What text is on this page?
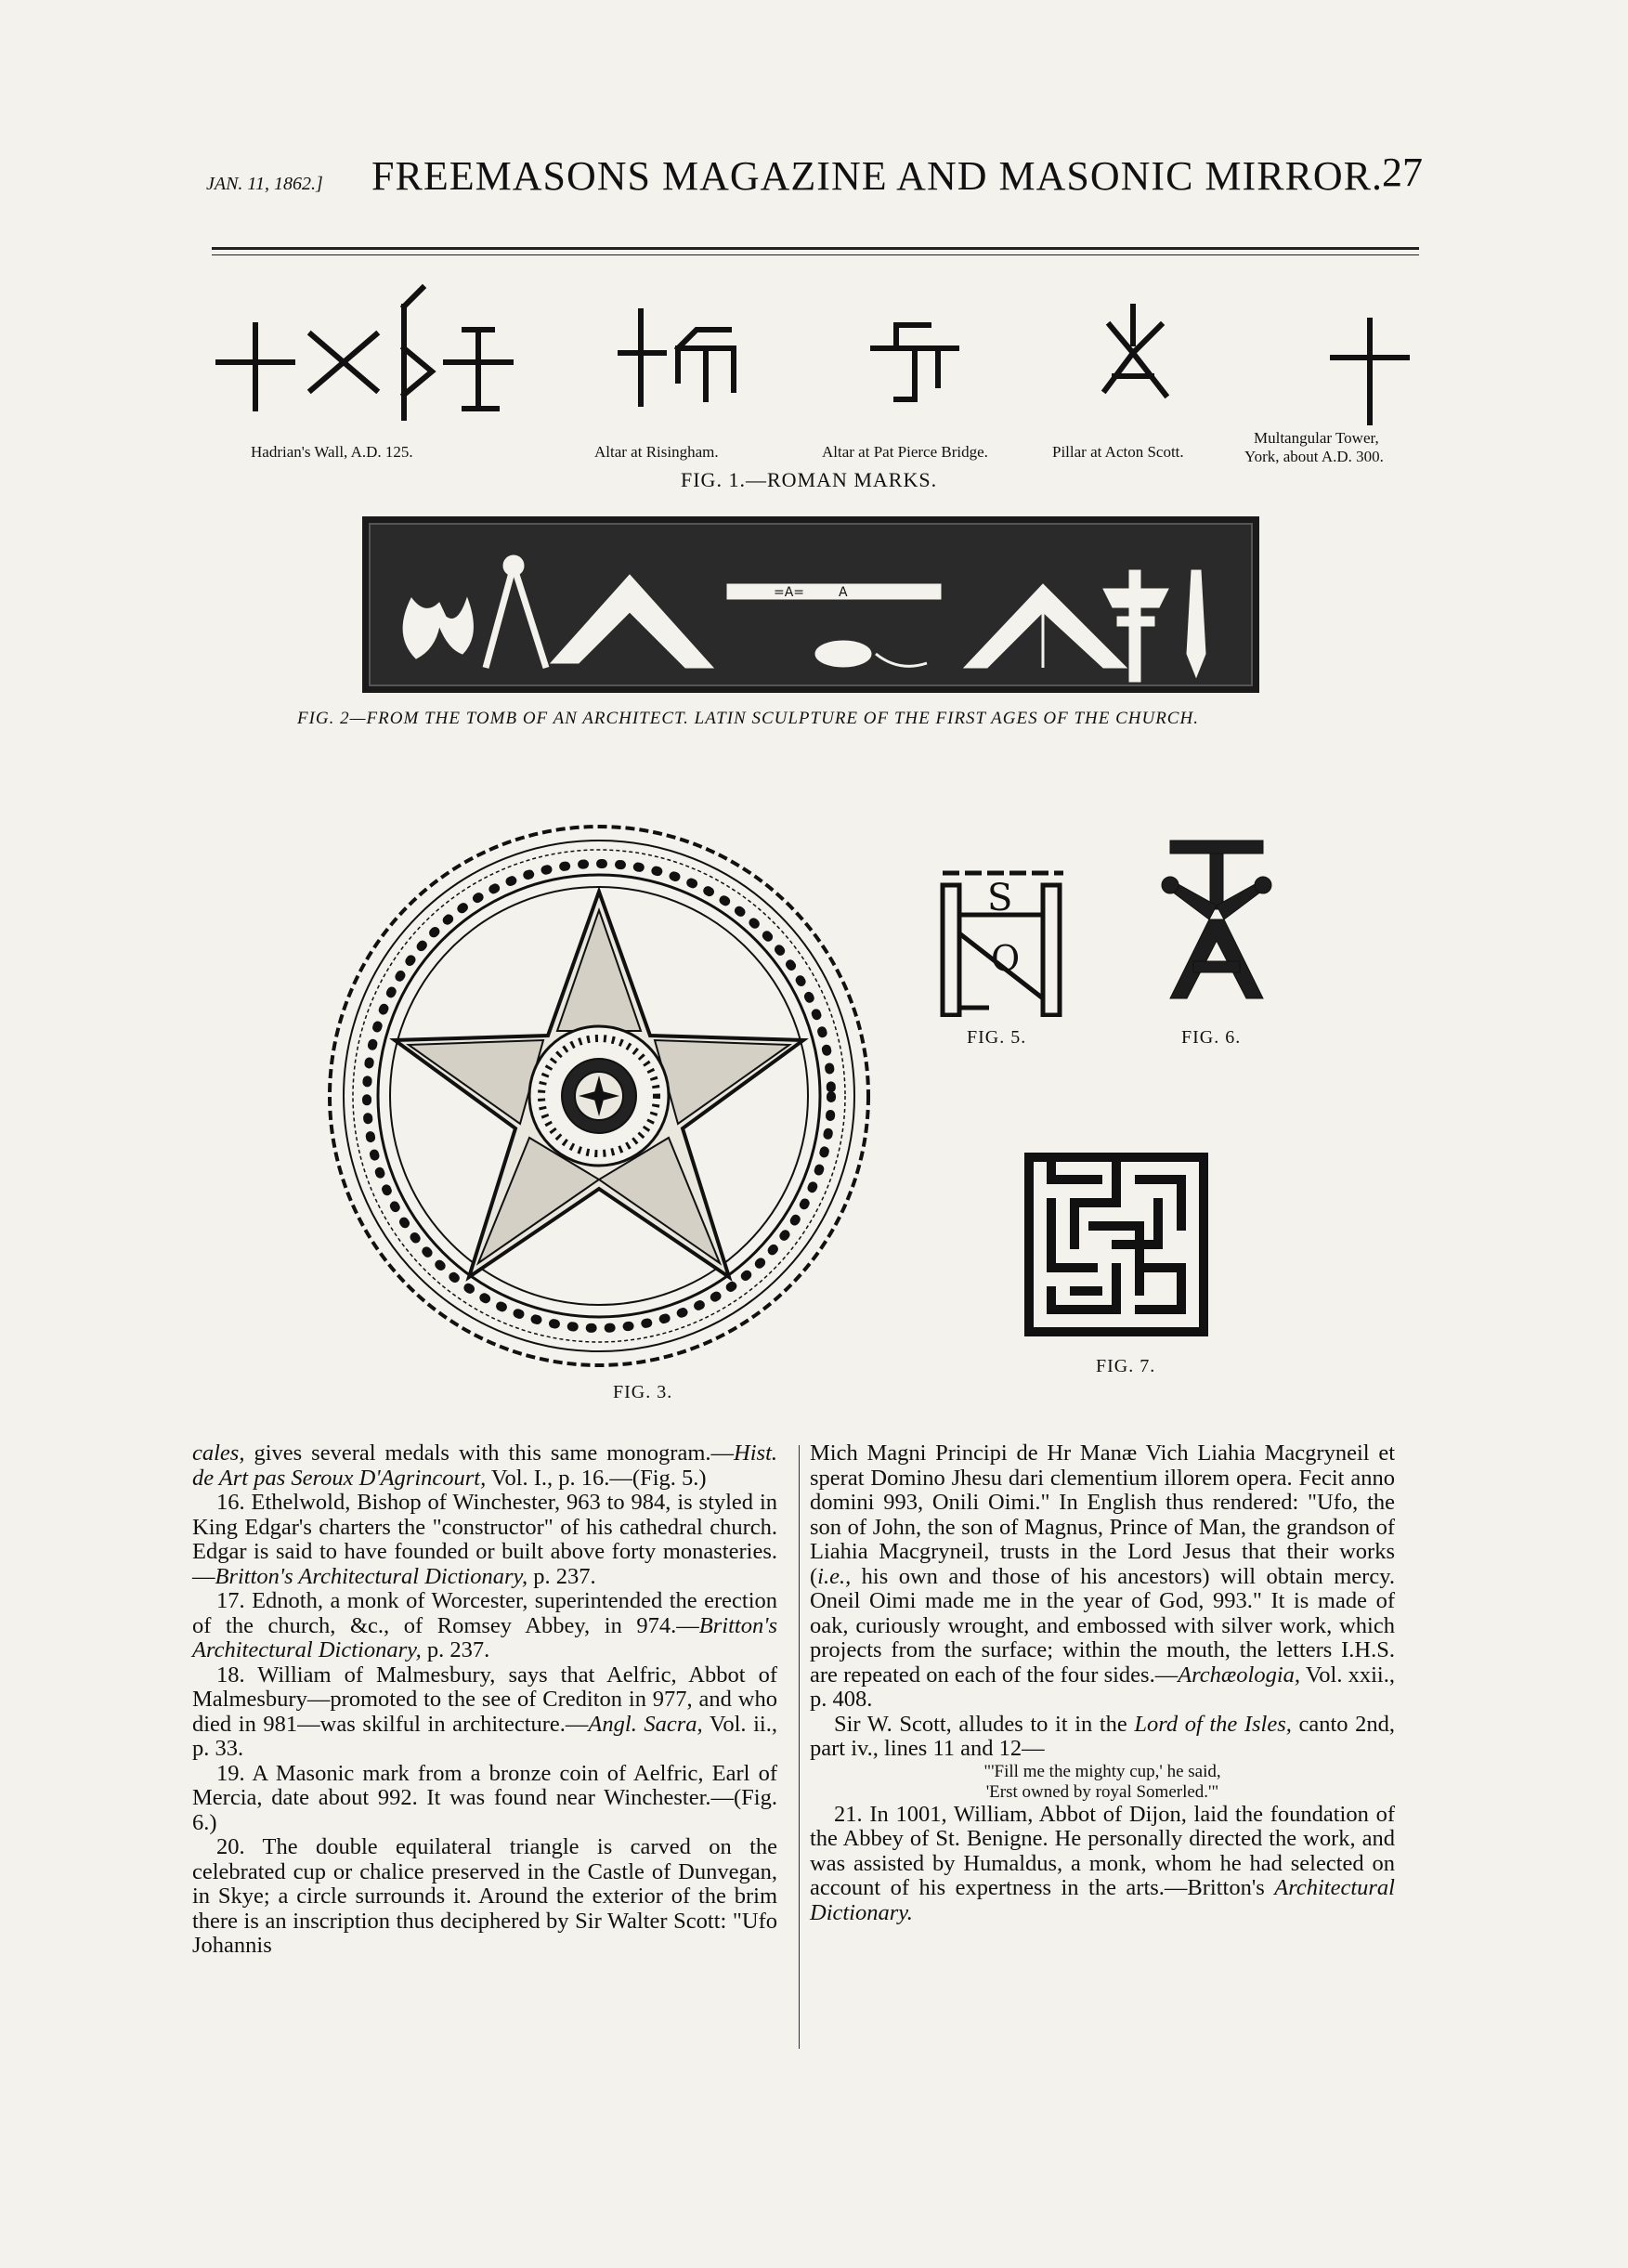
JAN. 11, 1862.] FREEMASONS MAGAZINE AND MASONIC MIRROR.
27
Hadrian's Wall, A.D. 125.	Altar at Risingham.	Altar at Pat Pierce Bridge.	Pillar at Acton Scott.
Multangular Tower,
York, about A.D. 300.
FIG. 1.—ROMAN MARKS.
=A=	A
FIG. 2—FROM THE TOMB OF AN ARCHITECT. LATIN SCULPTURE OF THE FIRST AGES OF THE CHURCH.
FIG. 3.
S
O
FIG. 5.	FIG. 6.
FIG. 7.

cales, gives several medals with this same monogram.—Hist. de Art pas Seroux D'Agrincourt, Vol. I., p. 16.—(Fig. 5.)

16. Ethelwold, Bishop of Winchester, 963 to 984, is styled in King Edgar's charters the "constructor" of his cathedral church. Edgar is said to have founded or built above forty monasteries.—Britton's Architectural Dictionary, p. 237.

17. Ednoth, a monk of Worcester, superintended the erection of the church, &c., of Romsey Abbey, in 974.—Britton's Architectural Dictionary, p. 237.

18. William of Malmesbury, says that Aelfric, Abbot of Malmesbury—promoted to the see of Crediton in 977, and who died in 981—was skilful in architecture.—Angl. Sacra, Vol. ii., p. 33.

19. A Masonic mark from a bronze coin of Aelfric, Earl of Mercia, date about 992. It was found near Winchester.—(Fig. 6.)

20. The double equilateral triangle is carved on the celebrated cup or chalice preserved in the Castle of Dunvegan, in Skye; a circle surrounds it. Around the exterior of the brim there is an inscription thus deciphered by Sir Walter Scott: "Ufo Johannis

Mich Magni Principi de Hr Manæ Vich Liahia Macgryneil et sperat Domino Jhesu dari clementium illorem opera. Fecit anno domini 993, Onili Oimi." In English thus rendered: "Ufo, the son of John, the son of Magnus, Prince of Man, the grandson of Liahia Macgryneil, trusts in the Lord Jesus that their works (i.e., his own and those of his ancestors) will obtain mercy. Oneil Oimi made me in the year of God, 993." It is made of oak, curiously wrought, and embossed with silver work, which projects from the surface; within the mouth, the letters I.H.S. are repeated on each of the four sides.—Archæologia, Vol. xxii., p. 408.

Sir W. Scott, alludes to it in the Lord of the Isles, canto 2nd, part iv., lines 11 and 12—

"'Fill me the mighty cup,' he said,

'Erst owned by royal Somerled.'"

21. In 1001, William, Abbot of Dijon, laid the foundation of the Abbey of St. Benigne. He personally directed the work, and was assisted by Humaldus, a monk, whom he had selected on account of his expertness in the arts.—Britton's Architectural Dictionary.
